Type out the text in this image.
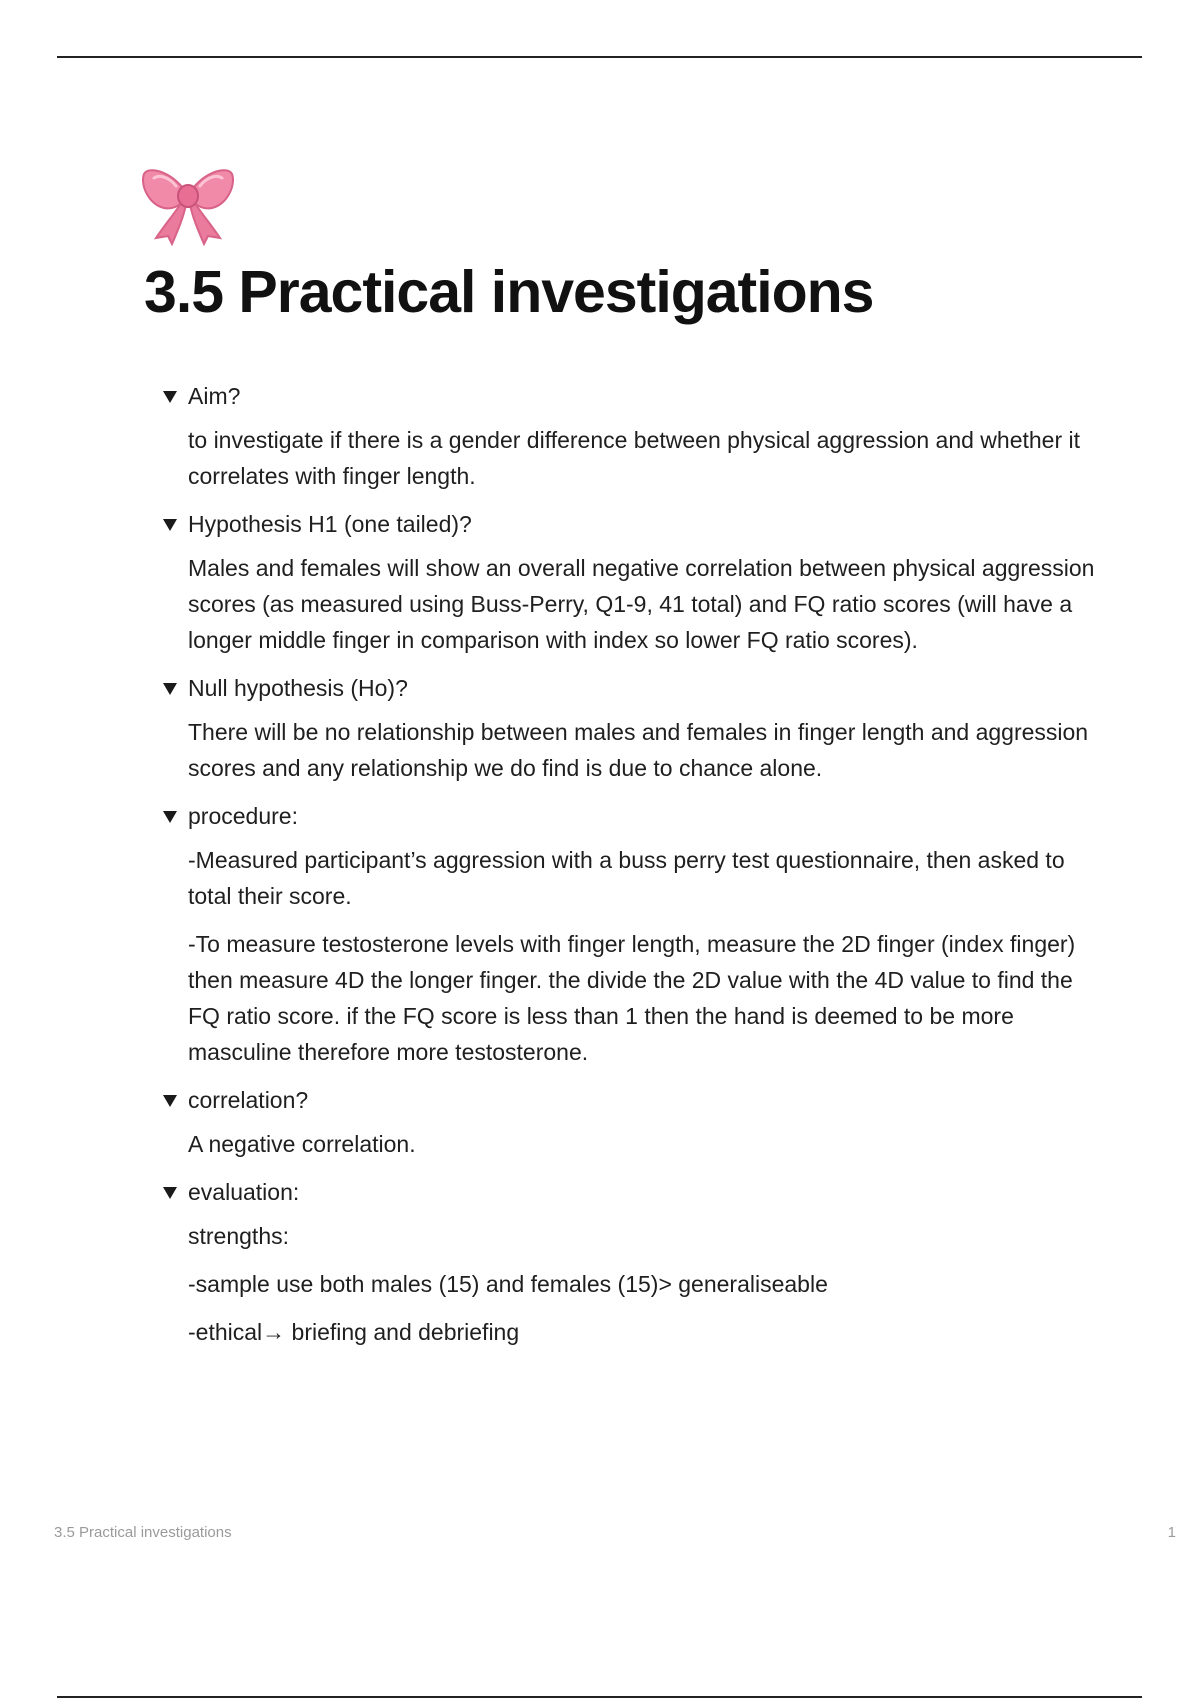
3.5 Practical investigations
Aim?

to investigate if there is a gender difference between physical aggression and whether it correlates with finger length.

Hypothesis H1 (one tailed)?

Males and females will show an overall negative correlation between physical aggression scores (as measured using Buss-Perry, Q1-9, 41 total) and FQ ratio scores (will have a longer middle finger in comparison with index so lower FQ ratio scores).

Null hypothesis (Ho)?

There will be no relationship between males and females in finger length and aggression scores and any relationship we do find is due to chance alone.

procedure:

-Measured participant’s aggression with a buss perry test questionnaire, then asked to total their score.

-To measure testosterone levels with finger length, measure the 2D finger (index finger) then measure 4D the longer finger. the divide the 2D value with the 4D value to find the FQ ratio score. if the FQ score is less than 1 then the hand is deemed to be more masculine therefore more testosterone.

correlation?

A negative correlation.

evaluation:

strengths:

-sample use both males (15) and females (15)> generaliseable

-ethical→ briefing and debriefing

3.5 Practical investigations	1
